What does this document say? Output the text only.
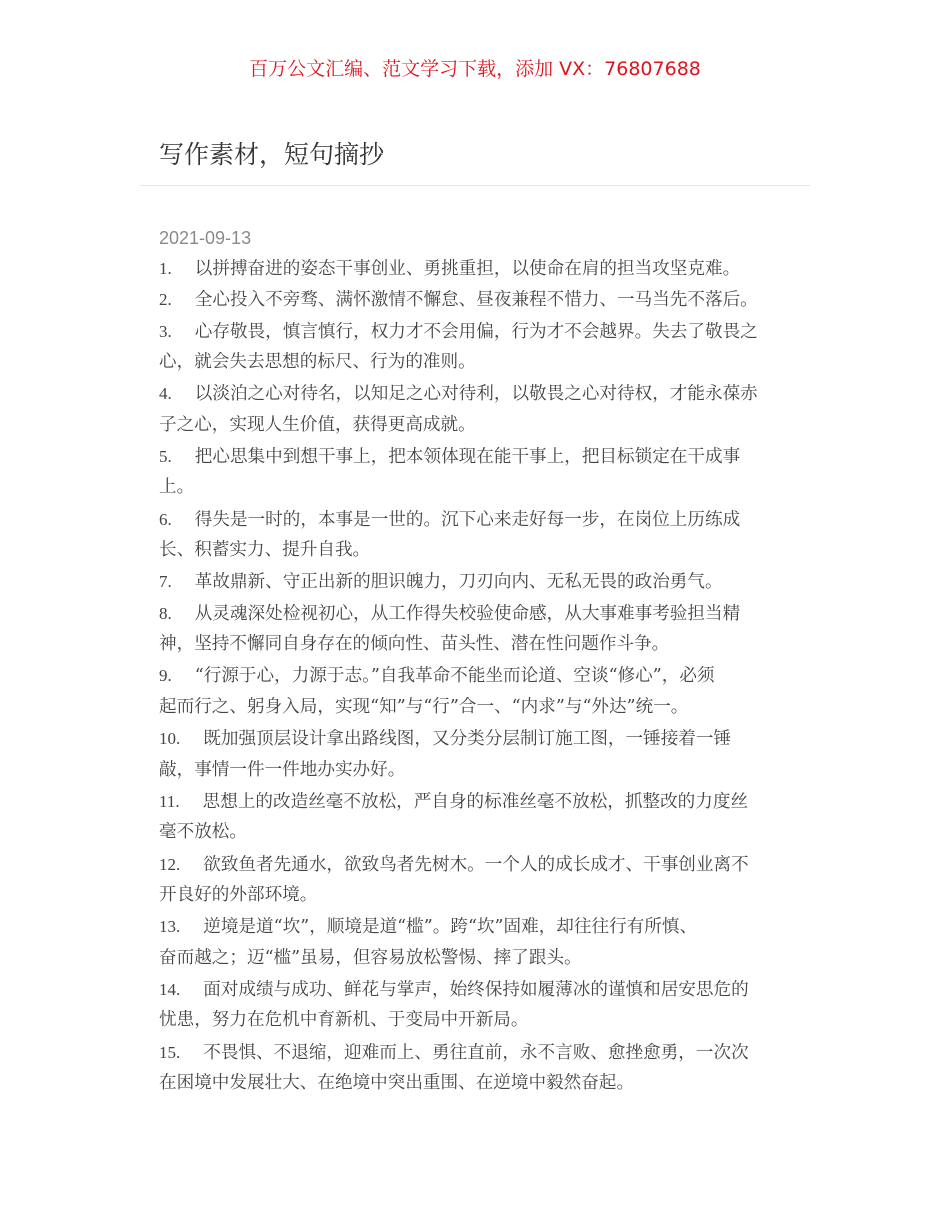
百万公文汇编、范文学习下载，添加 VX：76807688
写作素材，短句摘抄
2021-09-13
1. 以拼搏奋进的姿态干事创业、勇挑重担，以使命在肩的担当攻坚克难。
2. 全心投入不旁骛、满怀激情不懈怠、昼夜兼程不惜力、一马当先不落后。
3. 心存敬畏，慎言慎行，权力才不会用偏，行为才不会越界。失去了敬畏之
心，就会失去思想的标尺、行为的准则。
4. 以淡泊之心对待名，以知足之心对待利，以敬畏之心对待权，才能永葆赤
子之心，实现人生价值，获得更高成就。
5. 把心思集中到想干事上，把本领体现在能干事上，把目标锁定在干成事
上。
6. 得失是一时的，本事是一世的。沉下心来走好每一步，在岗位上历练成
长、积蓄实力、提升自我。
7. 革故鼎新、守正出新的胆识魄力，刀刃向内、无私无畏的政治勇气。
8. 从灵魂深处检视初心，从工作得失校验使命感，从大事难事考验担当精
神，坚持不懈同自身存在的倾向性、苗头性、潜在性问题作斗争。
9. “行源于心，力源于志。”自我革命不能坐而论道、空谈“修心”，必须
起而行之、躬身入局，实现“知”与“行”合一、“内求”与“外达”统一。
10. 既加强顶层设计拿出路线图，又分类分层制订施工图，一锤接着一锤
敲，事情一件一件地办实办好。
11. 思想上的改造丝毫不放松，严自身的标准丝毫不放松，抓整改的力度丝
毫不放松。
12. 欲致鱼者先通水，欲致鸟者先树木。一个人的成长成才、干事创业离不
开良好的外部环境。
13. 逆境是道“坎”，顺境是道“槛”。跨“坎”固难，却往往行有所慎、
奋而越之；迈“槛”虽易，但容易放松警惕、摔了跟头。
14. 面对成绩与成功、鲜花与掌声，始终保持如履薄冰的谨慎和居安思危的
忧患，努力在危机中育新机、于变局中开新局。
15. 不畏惧、不退缩，迎难而上、勇往直前，永不言败、愈挫愈勇，一次次
在困境中发展壮大、在绝境中突出重围、在逆境中毅然奋起。
